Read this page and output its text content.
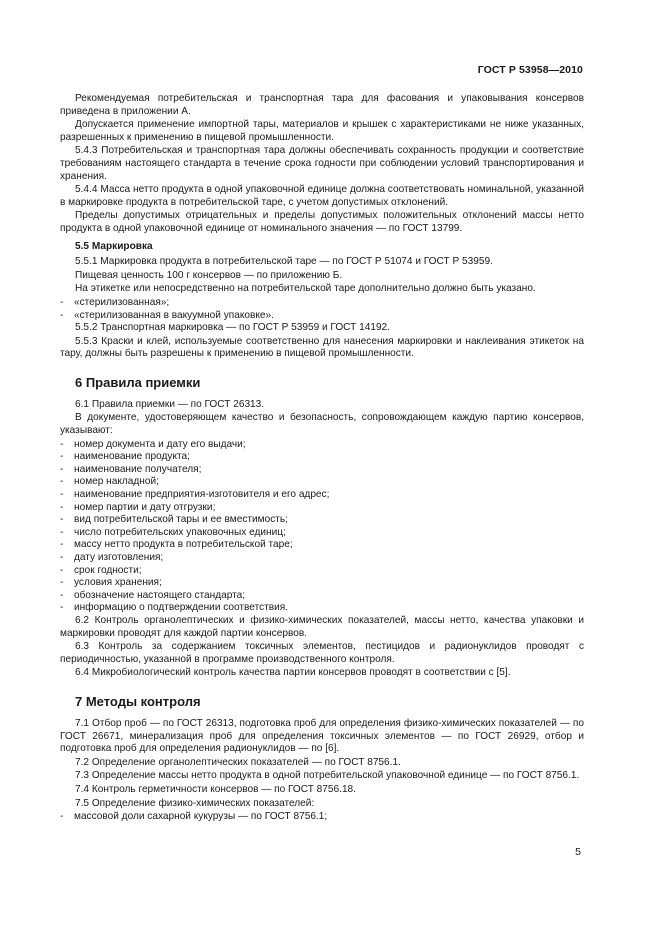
ГОСТ Р 53958—2010
Рекомендуемая потребительская и транспортная тара для фасования и упаковывания консервов приведена в приложении А.
Допускается применение импортной тары, материалов и крышек с характеристиками не ниже указанных, разрешенных к применению в пищевой промышленности.
5.4.3 Потребительская и транспортная тара должны обеспечивать сохранность продукции и соответствие требованиям настоящего стандарта в течение срока годности при соблюдении условий транспортирования и хранения.
5.4.4 Масса нетто продукта в одной упаковочной единице должна соответствовать номинальной, указанной в маркировке продукта в потребительской таре, с учетом допустимых отклонений.
Пределы допустимых отрицательных и пределы допустимых положительных отклонений массы нетто продукта в одной упаковочной единице от номинального значения — по ГОСТ 13799.
5.5 Маркировка
5.5.1 Маркировка продукта в потребительской таре — по ГОСТ Р 51074 и ГОСТ Р 53959.
Пищевая ценность 100 г консервов — по приложению Б.
На этикетке или непосредственно на потребительской таре дополнительно должно быть указано.
- «стерилизованная»;
- «стерилизованная в вакуумной упаковке».
5.5.2 Транспортная маркировка — по ГОСТ Р 53959 и ГОСТ 14192.
5.5.3 Краски и клей, используемые соответственно для нанесения маркировки и наклеивания этикеток на тару, должны быть разрешены к применению в пищевой промышленности.
6 Правила приемки
6.1 Правила приемки — по ГОСТ 26313.
В документе, удостоверяющем качество и безопасность, сопровождающем каждую партию консервов, указывают:
- номер документа и дату его выдачи;
- наименование продукта;
- наименование получателя;
- номер накладной;
- наименование предприятия-изготовителя и его адрес;
- номер партии и дату отгрузки;
- вид потребительской тары и ее вместимость;
- число потребительских упаковочных единиц;
- массу нетто продукта в потребительской таре;
- дату изготовления;
- срок годности;
- условия хранения;
- обозначение настоящего стандарта;
- информацию о подтверждении соответствия.
6.2 Контроль органолептических и физико-химических показателей, массы нетто, качества упаковки и маркировки проводят для каждой партии консервов.
6.3 Контроль за содержанием токсичных элементов, пестицидов и радионуклидов проводят с периодичностью, указанной в программе производственного контроля.
6.4 Микробиологический контроль качества партии консервов проводят в соответствии с [5].
7 Методы контроля
7.1 Отбор проб — по ГОСТ 26313, подготовка проб для определения физико-химических показателей — по ГОСТ 26671, минерализация проб для определения токсичных элементов — по ГОСТ 26929, отбор и подготовка проб для определения радионуклидов — по [6].
7.2 Определение органолептических показателей — по ГОСТ 8756.1.
7.3 Определение массы нетто продукта в одной потребительской упаковочной единице — по ГОСТ 8756.1.
7.4 Контроль герметичности консервов — по ГОСТ 8756.18.
7.5 Определение физико-химических показателей:
- массовой доли сахарной кукурузы — по ГОСТ 8756.1;
5
